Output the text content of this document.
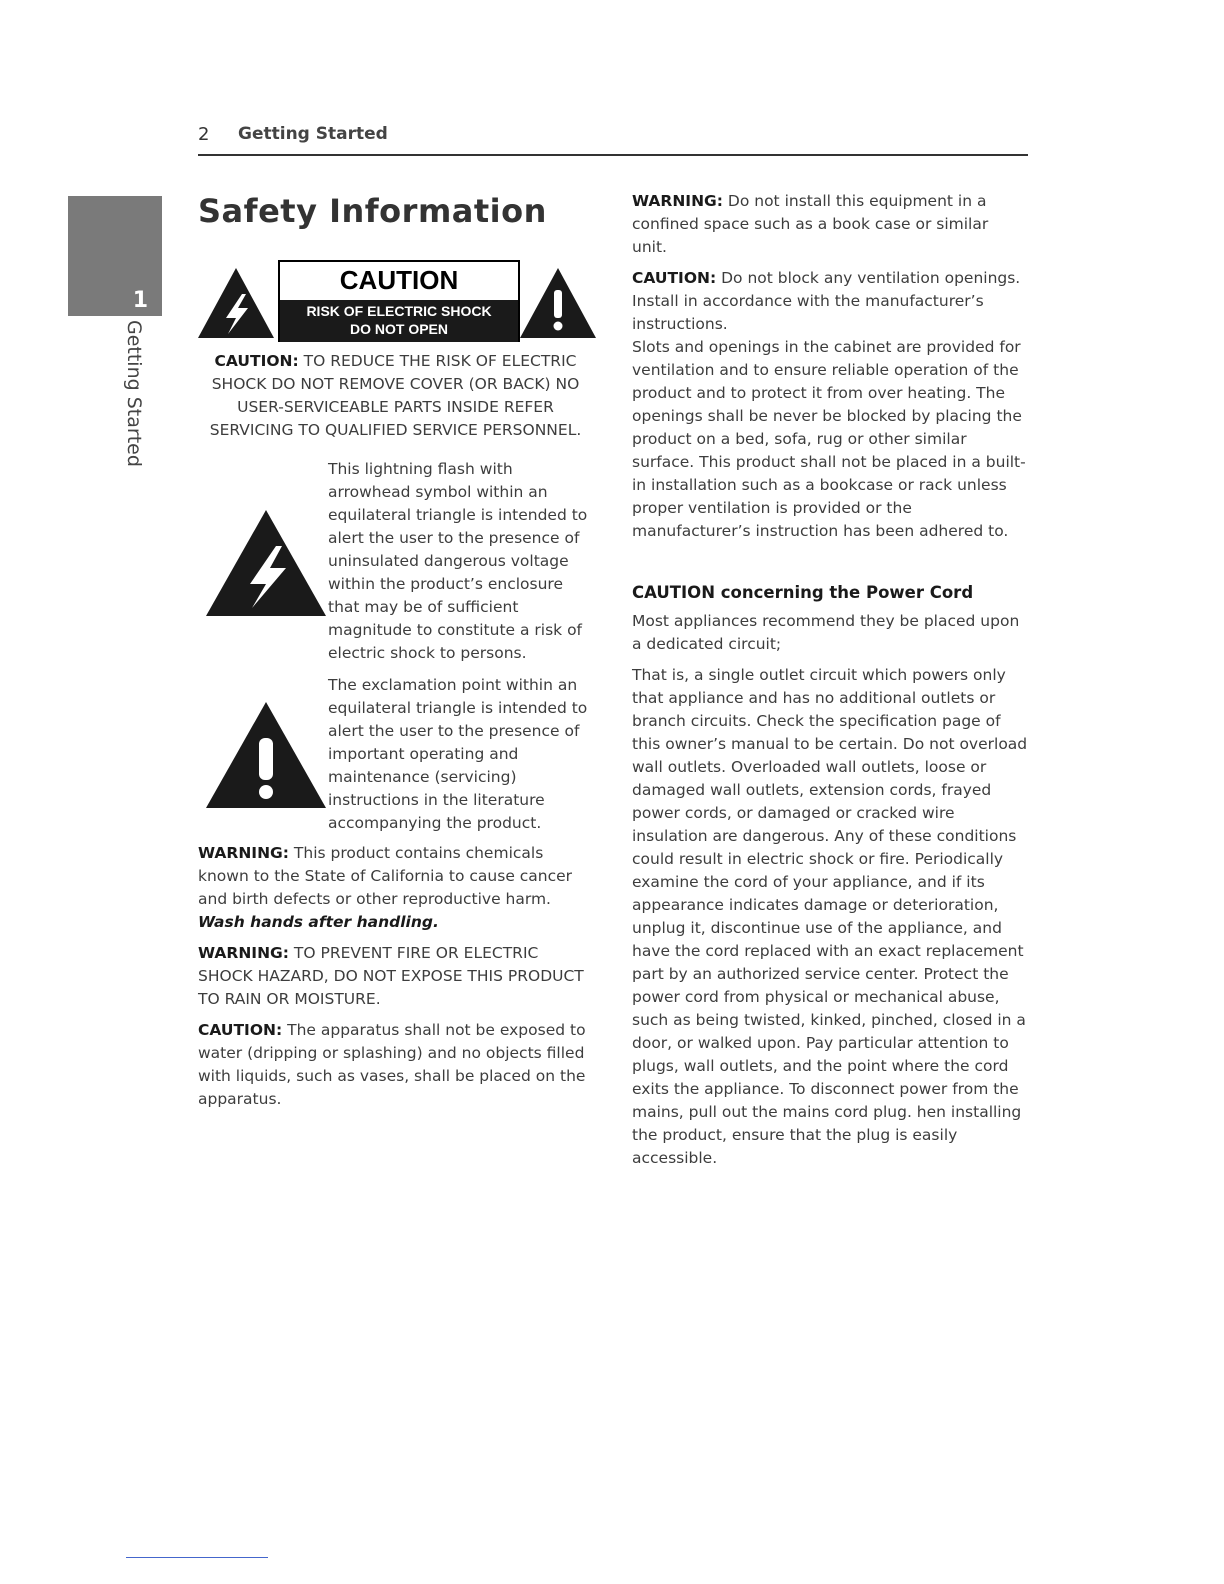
2 Getting Started
1
Getting Started
Safety Information
CAUTION
RISK OF ELECTRIC SHOCK
DO NOT OPEN
CAUTION: TO REDUCE THE RISK OF ELECTRIC SHOCK DO NOT REMOVE COVER (OR BACK) NO USER-SERVICEABLE PARTS INSIDE REFER SERVICING TO QUALIFIED SERVICE PERSONNEL.
This lightning flash with arrowhead symbol within an equilateral triangle is intended to alert the user to the presence of uninsulated dangerous voltage within the product’s enclosure that may be of sufficient magnitude to constitute a risk of electric shock to persons.
The exclamation point within an equilateral triangle is intended to alert the user to the presence of important operating and maintenance (servicing) instructions in the literature accompanying the product.

WARNING: This product contains chemicals known to the State of California to cause cancer and birth defects or other reproductive harm. Wash hands after handling.

WARNING: TO PREVENT FIRE OR ELECTRIC SHOCK HAZARD, DO NOT EXPOSE THIS PRODUCT TO RAIN OR MOISTURE.

CAUTION: The apparatus shall not be exposed to water (dripping or splashing) and no objects filled with liquids, such as vases, shall be placed on the apparatus.

WARNING: Do not install this equipment in a confined space such as a book case or similar unit.

CAUTION: Do not block any ventilation openings. Install in accordance with the manufacturer’s instructions.

Slots and openings in the cabinet are provided for ventilation and to ensure reliable operation of the product and to protect it from over heating. The openings shall be never be blocked by placing the product on a bed, sofa, rug or other similar surface. This product shall not be placed in a built-in installation such as a bookcase or rack unless proper ventilation is provided or the manufacturer’s instruction has been adhered to.

CAUTION concerning the Power Cord

Most appliances recommend they be placed upon a dedicated circuit;

That is, a single outlet circuit which powers only that appliance and has no additional outlets or branch circuits. Check the specification page of this owner’s manual to be certain. Do not overload wall outlets. Overloaded wall outlets, loose or damaged wall outlets, extension cords, frayed power cords, or damaged or cracked wire insulation are dangerous. Any of these conditions could result in electric shock or fire. Periodically examine the cord of your appliance, and if its appearance indicates damage or deterioration, unplug it, discontinue use of the appliance, and have the cord replaced with an exact replacement part by an authorized service center. Protect the power cord from physical or mechanical abuse, such as being twisted, kinked, pinched, closed in a door, or walked upon. Pay particular attention to plugs, wall outlets, and the point where the cord exits the appliance. To disconnect power from the mains, pull out the mains cord plug. hen installing the product, ensure that the plug is easily accessible.
